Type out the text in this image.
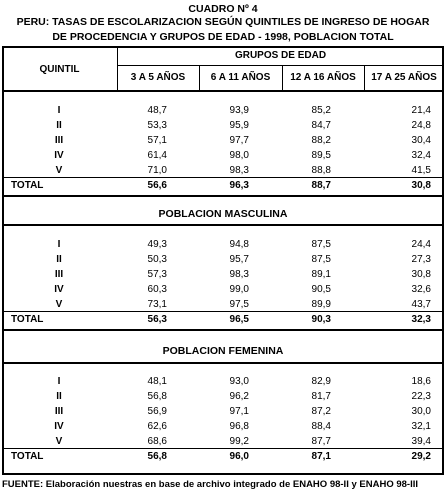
CUADRO Nº 4
PERU: TASAS DE ESCOLARIZACION SEGÚN QUINTILES DE INGRESO DE HOGAR
DE PROCEDENCIA Y GRUPOS DE EDAD - 1998, POBLACION TOTAL
QUINTIL
GRUPOS DE EDAD
3 A 5 AÑOS	6 A 11 AÑOS	12 A 16 AÑOS	17 A 25 AÑOS
I	48,7	93,9	85,2	21,4
II	53,3	95,9	84,7	24,8
III	57,1	97,7	88,2	30,4
IV	61,4	98,0	89,5	32,4
V	71,0	98,3	88,8	41,5
TOTAL	56,6	96,3	88,7	30,8
POBLACION MASCULINA
I	49,3	94,8	87,5	24,4
II	50,3	95,7	87,5	27,3
III	57,3	98,3	89,1	30,8
IV	60,3	99,0	90,5	32,6
V	73,1	97,5	89,9	43,7
TOTAL	56,3	96,5	90,3	32,3
POBLACION FEMENINA
I	48,1	93,0	82,9	18,6
II	56,8	96,2	81,7	22,3
III	56,9	97,1	87,2	30,0
IV	62,6	96,8	88,4	32,1
V	68,6	99,2	87,7	39,4
TOTAL	56,8	96,0	87,1	29,2
FUENTE: Elaboración nuestras en base de archivo integrado de ENAHO 98-II y ENAHO 98-III
